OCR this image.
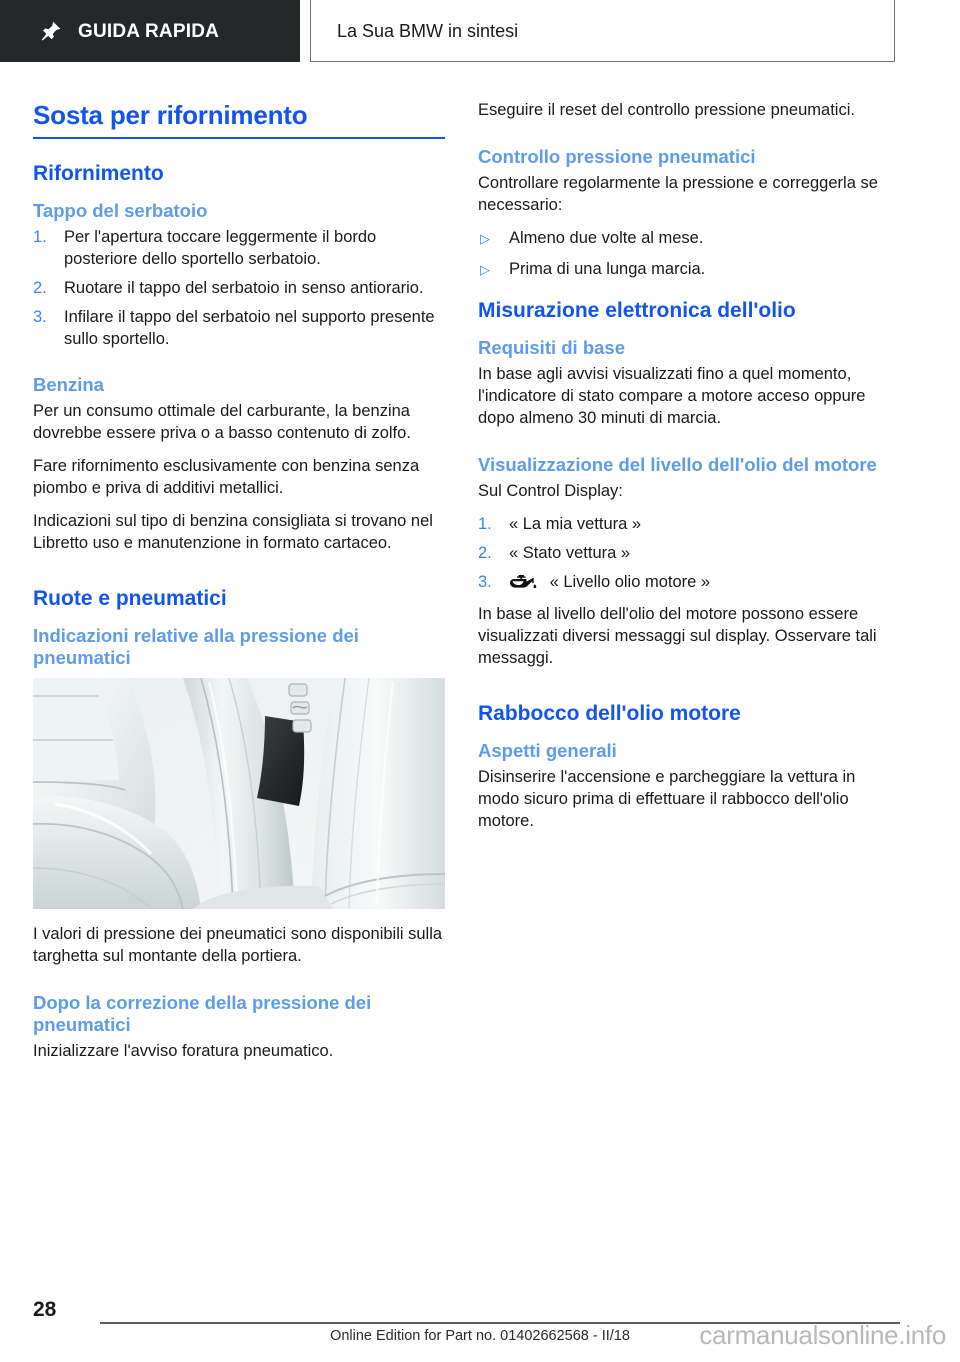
GUIDA RAPIDA	La Sua BMW in sintesi
Sosta per rifornimento
Rifornimento
Tappo del serbatoio
1. Per l'apertura toccare leggermente il bordo posteriore dello sportello serbatoio.
2. Ruotare il tappo del serbatoio in senso antiorario.
3. Infilare il tappo del serbatoio nel supporto presente sullo sportello.
Benzina

Per un consumo ottimale del carburante, la benzina dovrebbe essere priva o a basso contenuto di zolfo.

Fare rifornimento esclusivamente con benzina senza piombo e priva di additivi metallici.

Indicazioni sul tipo di benzina consigliata si trovano nel Libretto uso e manutenzione in formato cartaceo.

Ruote e pneumatici
Indicazioni relative alla pressione dei pneumatici

I valori di pressione dei pneumatici sono disponibili sulla targhetta sul montante della portiera.

Dopo la correzione della pressione dei pneumatici

Inizializzare l'avviso foratura pneumatico.

Eseguire il reset del controllo pressione pneumatici.

Controllo pressione pneumatici

Controllare regolarmente la pressione e correggerla se necessario:

▷ Almeno due volte al mese.
▷ Prima di una lunga marcia.
Misurazione elettronica dell'olio
Requisiti di base

In base agli avvisi visualizzati fino a quel momento, l'indicatore di stato compare a motore acceso oppure dopo almeno 30 minuti di marcia.

Visualizzazione del livello dell'olio del motore

Sul Control Display:

1. « La mia vettura »
2. « Stato vettura »
3.	« Livello olio motore »

In base al livello dell'olio del motore possono essere visualizzati diversi messaggi sul display. Osservare tali messaggi.

Rabbocco dell'olio motore
Aspetti generali

Disinserire l'accensione e parcheggiare la vettura in modo sicuro prima di effettuare il rabbocco dell'olio motore.

28
Online Edition for Part no. 01402662568 - II/18	carmanualsonline.info
